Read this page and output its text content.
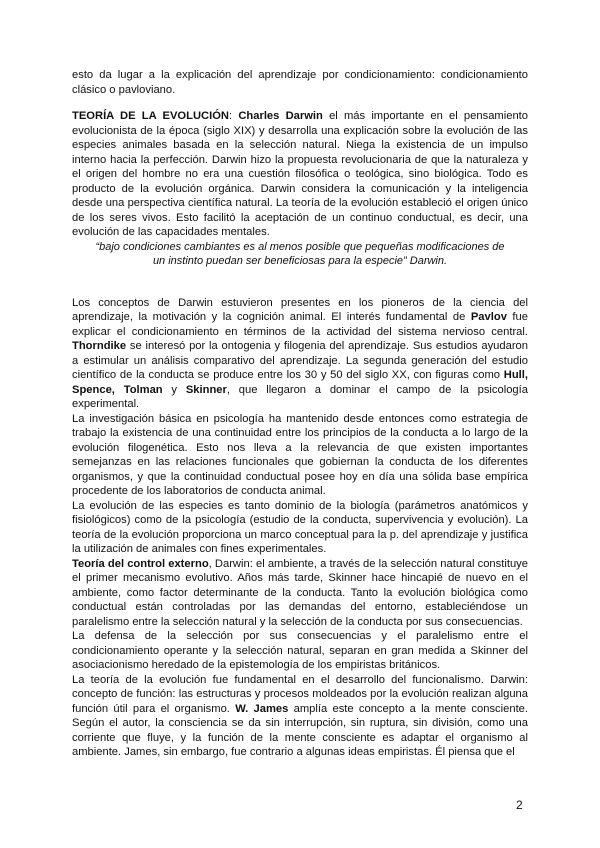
esto da lugar a la explicación del aprendizaje por condicionamiento: condicionamiento clásico o pavloviano.

TEORÍA DE LA EVOLUCIÓN: Charles Darwin el más importante en el pensamiento evolucionista de la época (siglo XIX) y desarrolla una explicación sobre la evolución de las especies animales basada en la selección natural. Niega la existencia de un impulso interno hacia la perfección. Darwin hizo la propuesta revolucionaria de que la naturaleza y el origen del hombre no era una cuestión filosófica o teológica, sino biológica. Todo es producto de la evolución orgánica. Darwin considera la comunicación y la inteligencia desde una perspectiva científica natural. La teoría de la evolución estableció el origen único de los seres vivos. Esto facilitó la aceptación de un continuo conductual, es decir, una evolución de las capacidades mentales.

“bajo condiciones cambiantes es al menos posible que pequeñas modificaciones de un instinto puedan ser beneficiosas para la especie” Darwin.

Los conceptos de Darwin estuvieron presentes en los pioneros de la ciencia del aprendizaje, la motivación y la cognición animal. El interés fundamental de Pavlov fue explicar el condicionamiento en términos de la actividad del sistema nervioso central. Thorndike se interesó por la ontogenia y filogenia del aprendizaje. Sus estudios ayudaron a estimular un análisis comparativo del aprendizaje. La segunda generación del estudio científico de la conducta se produce entre los 30 y 50 del siglo XX, con figuras como Hull, Spence, Tolman y Skinner, que llegaron a dominar el campo de la psicología experimental.

La investigación básica en psicología ha mantenido desde entonces como estrategia de trabajo la existencia de una continuidad entre los principios de la conducta a lo largo de la evolución filogenética. Esto nos lleva a la relevancia de que existen importantes semejanzas en las relaciones funcionales que gobiernan la conducta de los diferentes organismos, y que la continuidad conductual posee hoy en día una sólida base empírica procedente de los laboratorios de conducta animal.

La evolución de las especies es tanto dominio de la biología (parámetros anatómicos y fisiológicos) como de la psicología (estudio de la conducta, supervivencia y evolución). La teoría de la evolución proporciona un marco conceptual para la p. del aprendizaje y justifica la utilización de animales con fines experimentales.

Teoría del control externo, Darwin: el ambiente, a través de la selección natural constituye el primer mecanismo evolutivo. Años más tarde, Skinner hace hincapié de nuevo en el ambiente, como factor determinante de la conducta. Tanto la evolución biológica como conductual están controladas por las demandas del entorno, estableciéndose un paralelismo entre la selección natural y la selección de la conducta por sus consecuencias.

La defensa de la selección por sus consecuencias y el paralelismo entre el condicionamiento operante y la selección natural, separan en gran medida a Skinner del asociacionismo heredado de la epistemología de los empiristas británicos.

La teoría de la evolución fue fundamental en el desarrollo del funcionalismo. Darwin: concepto de función: las estructuras y procesos moldeados por la evolución realizan alguna función útil para el organismo. W. James amplía este concepto a la mente consciente. Según el autor, la consciencia se da sin interrupción, sin ruptura, sin división, como una corriente que fluye, y la función de la mente consciente es adaptar el organismo al ambiente. James, sin embargo, fue contrario a algunas ideas empiristas. Él piensa que el

2
